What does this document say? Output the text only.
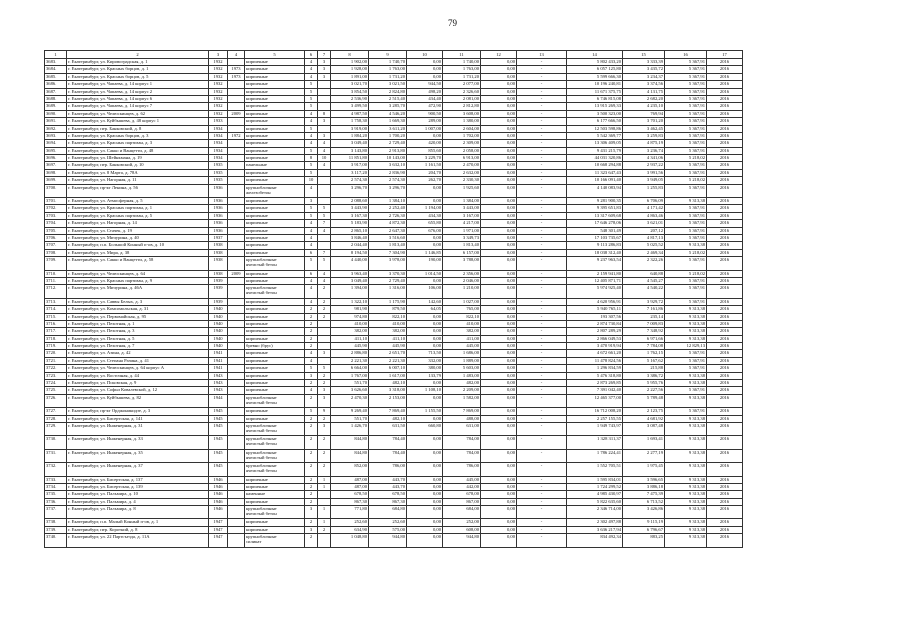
79
1	2	3	4	5	6	7	8	9	10	11	12	13	14	15	16	17
3683.	г. Екатеринбург, ул. Кировоградская, д. 1	1932		кирпичные	4	3	1 902,00	1 740,70	0,00	1 740,00	0,00	-	5 802 433,20	3 333,39	5 367,91	2016
3684.	г. Екатеринбург, ул. Красных борцов, д. 1	1932	1973	кирпичные	4	3	1 928,00	1 763,00	0,00	1 763,00	0,00	-	6 057 125,80	3 435,72	5 367,91	2016
3685.	г. Екатеринбург, ул. Красных борцов, д. 5	1932	1973	кирпичные	4	3	1 891,00	1 731,20	0,00	1 731,20	0,00	-	5 599 666,30	3 234,37	5 367,91	2016
3686.	г. Екатеринбург, ул. Чапаева, д. 14 корпус 1	1932		кирпичные	5		3 021,70	3 021,50	944,50	2 077,00	0,00	-	10 196 240,81	3 374,56	5 367,91	2016
3687.	г. Екатеринбург, ул. Чапаева, д. 14 корпус 2	1932		кирпичные	5		3 854,50	2 824,80	498,20	2 326,60	0,00	-	11 671 375,75	4 131,75	5 367,91	2016
3688.	г. Екатеринбург, ул. Чапаева, д. 14 корпус 6	1932		кирпичные	5		2 536,90	2 515,40	434,40	2 081,00	0,00	-	6 746 815,08	2 682,20	5 367,91	2016
3689.	г. Екатеринбург, ул. Чапаева, д. 14 корпус 7	1932		кирпичные	5		3 499,50	3 285,70	472,90	2 812,80	0,00	-	13 915 269,33	4 235,10	5 367,91	2016
3690.	г. Екатеринбург, ул. Челюскинцев, д. 62	1932	2009	кирпичные	4	8	4 987,50	4 546,20	900,50	3 608,00	0,00	-	3 500 323,00	769,94	5 367,91	2016
3691.	г. Екатеринбург, ул. Куйбышева, д. 48 корпус 1	1933		кирпичные	4	3	1 758,30	1 669,30	289,00	1 380,00	0,00	-	6 177 666,50	3 701,20	5 367,91	2016
3692.	г. Екатеринбург, пер. Банковский, д. 8	1934		кирпичные	5		3 919,00	3 611,20	1 007,00	2 604,00	0,00	-	12 503 598,86	3 462,45	5 367,91	2016
3693.	г. Екатеринбург, ул. Красных борцов, д. 3	1934	1972	кирпичные	4	3	1 884,20	1 700,20	0,00	1 702,00	0,00	-	5 542 369,77	3 259,83	5 367,91	2016
3694.	г. Екатеринбург, ул. Красных партизан, д. 3	1934		кирпичные	4	4	3 049,40	2 729,40	420,00	2 309,00	0,00	-	13 306 409,05	4 875,19	5 367,91	2016
3695.	г. Екатеринбург, ул. Сакко и Ванцетти, д. 48	1934		кирпичные	5	4	3 143,80	2 913,80	855,60	2 058,00	0,00	-	9 431 215,79	3 236,74	5 367,91	2016
3696.	г. Екатеринбург, ул. Шейнкмана, д. 19	1934		кирпичные	8	10	11 851,80	10 143,00	3 229,70	6 913,00	0,00	-	44 031 320,86	4 341,06	5 218,02	2016
3697.	г. Екатеринбург, пер. Банковский, д. 10	1935		панельные	5	4	3 917,00	3 632,10	1 161,50	2 470,00	0,00	-	10 668 294,88	2 937,22	5 367,91	2016
3698.	г. Екатеринбург, ул. 8 Марта, д. 78А	1935		кирпичные	5		3 117,20	2 836,90	204,70	2 632,00	0,00	-	11 323 647,43	3 991,56	5 367,91	2016
3699.	г. Екатеринбург, ул. Нагорная, д. 11	1935		кирпичные	10		2 574,30	2 574,30	262,70	2 330,30	0,00	-	10 166 091,40	3 949,05	5 218,02	2016
3700.	г. Екатеринбург, пр-кт Ленина, д. 56	1936		крупноблочные
железобетон	4		3 296,70	3 296,70	0,00	1 925,60	0,00	-	4 140 083,94	1 255,83	5 367,91	2016
3701.	г. Екатеринбург, ул. Атмосферная, д. 5	1936		кирпичные	3		2 088,60	1 384,10	0,00	1 384,00	0,00	-	9 281 900,35	6 706,09	9 313,38	2016
3702.	г. Екатеринбург, ул. Красных партизан, д. 1	1936		кирпичные	5	5	3 443,90	2 252,40	1 194,00	3 443,00	0,00	-	9 395 651,83	4 171,42	5 367,91	2016
3703.	г. Екатеринбург, ул. Красных партизан, д. 5	1936		кирпичные	5	5	3 167,30	2 726,30	434,30	3 167,00	0,00	-	13 317 609,68	4 863,46	5 367,91	2016
3704.	г. Екатеринбург, ул. Нагорная, д. 14	1936		кирпичные	4	7	5 183,90	4 872,30	655,80	4 217,00	0,00	-	17 646 278,06	3 621,01	5 367,91	2016
3705.	г. Екатеринбург, ул. Стачек, д. 19	1936		кирпичные	4	4	2 865,10	2 647,30	676,00	1 971,00	0,00	-	548 301,49	207,12	5 367,91	2016
3706.	г. Екатеринбург, ул. Мичурина, д. 40	1937		кирпичные	4		3 846,40	3 516,60	0,00	3 349,73	0,00	-	17 103 735,67	4 817,13	5 367,91	2016
3707.	г. Екатеринбург, п.п. Большой Конный п-ов, д. 10	1938		кирпичные	4		2 044,40	1 813,40	0,00	1 813,40	0,00	-	9 113 286,83	5 025,52	9 313,38	2016
3708.	г. Екатеринбург, ул. Мира, д. 38	1938		кирпичные	6	7	8 194,50	7 304,90	1 146,85	6 157,00	0,00	-	18 038 312,40	2 469,34	5 218,02	2016
3709.	г. Екатеринбург, ул. Сакко и Ванцетти, д. 58	1938		крупноблочные
ячеистый бетон	5	5	4 440,00	3 978,00	190,00	3 788,00	0,00	-	9 237 963,54	2 322,26	5 367,91	2016
3710.	г. Екатеринбург, ул. Челюскинцев, д. 64	1938	2009	кирпичные	6	4	3 963,40	3 370,30	1 014,50	2 356,00	0,00	-	2 159 941,80	640,88	5 218,02	2016
3711.	г. Екатеринбург, ул. Красных партизан, д. 9	1939		кирпичные	4	4	3 049,40	2 729,40	0,00	2 046,00	0,00	-	12 405 871,71	4 545,27	5 367,91	2016
3712.	г. Екатеринбург, ул. Мичурина, д. 46А	1939		крупноблочные
ячеистый бетон	4	2	1 394,00	1 316,00	106,00	1 210,00	0,00	-	5 974 925,40	4 540,22	5 367,91	2016
3713.	г. Екатеринбург, ул. Саввы Белых, д. 3	1939		кирпичные	4	2	1 322,10	1 175,90	142,60	1 027,00	0,00	-	4 620 956,91	3 929,72	5 367,91	2016
3714.	г. Екатеринбург, ул. Комсомольская, д. 31	1940		кирпичные	2	2	981,90	879,50	64,05	765,00	0,00	-	5 940 765,11	7 161,86	9 313,38	2016
3715.	г. Екатеринбург, ул. Первомайская, д. 95	1940		кирпичные	2	2	974,80	822,10	0,00	822,10	0,00	-	193 307,56	235,14	9 313,38	2016
3716.	г. Екатеринбург, ул. Пехотная, д. 1	1940		кирпичные	2		410,00	410,00	0,00	410,00	0,00	-	2 874 730,84	7 009,83	9 313,38	2016
3717.	г. Екатеринбург, ул. Пехотная, д. 3	1940		кирпичные	2		382,00	382,00	0,00	382,00	0,00	-	2 807 289,29	7 348,92	9 313,38	2016
3718.	г. Екатеринбург, ул. Пехотная, д. 5	1940		кирпичные	2		411,10	411,10	0,00	411,00	0,00	-	2 866 049,53	6 971,66	9 313,38	2016
3719.	г. Екатеринбург, ул. Пехотная, д. 7	1940		бревно (брус)	2		445,90	445,90	0,00	445,00	0,00	-	3 470 919,94	7 784,08	12 829,13	2016
3720.	г. Екатеринбург, ул. Азина, д. 42	1941		кирпичные	4	3	2 886,80	2 651,70	713,50	1 686,00	0,00	-	4 672 661,20	1 762,15	5 367,91	2016
3721.	г. Екатеринбург, ул. Степана Разина, д. 41	1941		кирпичные	4		2 221,30	2 221,30	332,00	1 889,00	0,00	-	11 478 824,56	5 167,62	5 367,91	2016
3722.	г. Екатеринбург, ул. Челюскинцев, д. 64 корпус А	1941		кирпичные	5	5	6 664,00	6 007,10	380,00	5 603,00	0,00	-	1 296 834,59	215,88	5 367,91	2016
3723.	г. Екатеринбург, ул. Восточная, д. 44	1943		кирпичные	3	2	1 767,00	1 617,00	133,79	1 483,00	0,00	-	5 476 318,80	3 386,72	9 313,38	2016
3724.	г. Екатеринбург, ул. Псковская, д. 9	1943		кирпичные	2	2	551,70	482,10	0,00	482,00	0,00	-	2 873 269,85	5 955,76	9 313,38	2016
3725.	г. Екатеринбург, ул. Софьи Ковалевской, д. 12	1943		кирпичные	4	3	3 626,60	3 318,00	1 108,10	2 209,00	0,00	-	7 391 042,40	2 227,56	5 367,91	2016
3726.	г. Екатеринбург, ул. Куйбышева, д. 82	1944		крупноблочные
ячеистый бетон	2	3	2 470,30	2 153,00	0,00	1 582,00	0,00	-	12 465 377,00	5 789,48	9 313,38	2016
3727.	г. Екатеринбург, пр-кт Орджоникидзе, д. 3	1945		кирпичные	5	9	9 269,40	7 869,40	1 155,50	7 869,00	0,00	-	16 712 008,20	2 123,75	5 367,91	2016
3728.	г. Екатеринбург, ул. Бисертская, д. 141	1945		кирпичные	2	2	551,70	482,10	0,00	488,00	0,00	-	2 257 155,55	4 681,92	9 313,38	2016
3729.	г. Екатеринбург, ул. Инженерная, д. 31	1945		крупноблочные
ячеистый бетон	2	3	1 426,70	631,50	660,80	631,00	0,00	-	1 949 743,97	3 087,48	9 313,38	2016
3730.	г. Екатеринбург, ул. Инженерная, д. 33	1945		крупноблочные
ячеистый бетон	2	2	844,80	784,40	0,00	784,00	0,00	-	1 328 311,37	1 693,41	9 313,38	2016
3731.	г. Екатеринбург, ул. Инженерная, д. 35	1945		крупноблочные
ячеистый бетон	2	2	844,80	784,40	0,00	784,00	0,00	-	1 786 224,41	2 277,19	9 313,38	2016
3732.	г. Екатеринбург, ул. Инженерная, д. 37	1945		крупноблочные
ячеистый бетон	2	2	852,00	786,00	0,00	786,00	0,00	-	1 552 705,51	1 975,45	9 313,38	2016
3733.	г. Екатеринбург, ул. Бисертская, д. 137	1946		кирпичные	2	1	487,00	443,70	0,00	445,00	0,00	-	1 595 834,01	3 596,65	9 313,38	2016
3734.	г. Екатеринбург, ул. Бисертская, д. 139	1946		кирпичные	2	1	487,00	443,70	0,00	442,00	0,00	-	1 724 299,52	3 886,18	9 313,38	2016
3735.	г. Екатеринбург, ул. Пальмира, д. 10	1946		каменные	2		678,50	678,50	0,00	678,00	0,00	-	4 985 430,97	7 475,39	9 313,38	2016
3736.	г. Екатеринбург, ул. Пальмира, д. 4	1946		кирпичные	2		867,30	867,30	0,00	867,00	0,00	-	5 822 635,60	6 713,52	9 313,38	2016
3737.	г. Екатеринбург, ул. Пальмира, д. 8	1946		крупноблочные
ячеистый бетон	3	1	771,80	684,80	0,00	684,00	0,00	-	2 346 714,00	3 426,86	9 313,38	2016
3738.	г. Екатеринбург, п.п. Малый Конный п-ов, д. 1	1947		кирпичные	2	1	252,60	252,60	0,00	252,00	0,00	-	2 302 497,88	9 115,19	9 313,38	2016
3739.	г. Екатеринбург, пер. Короткий, д. 8	1947		кирпичные	3	2	634,90	575,00	0,00	608,00	0,00	-	3 636 217,94	6 796,67	9 313,38	2016
3740.	г. Екатеринбург, ул. 22 Партсъезда, д. 11А	1947		крупноблочные
силикат	2		1 048,80	944,80	0,00	944,80	0,00	-	834 492,34	883,25	9 313,38	2016
